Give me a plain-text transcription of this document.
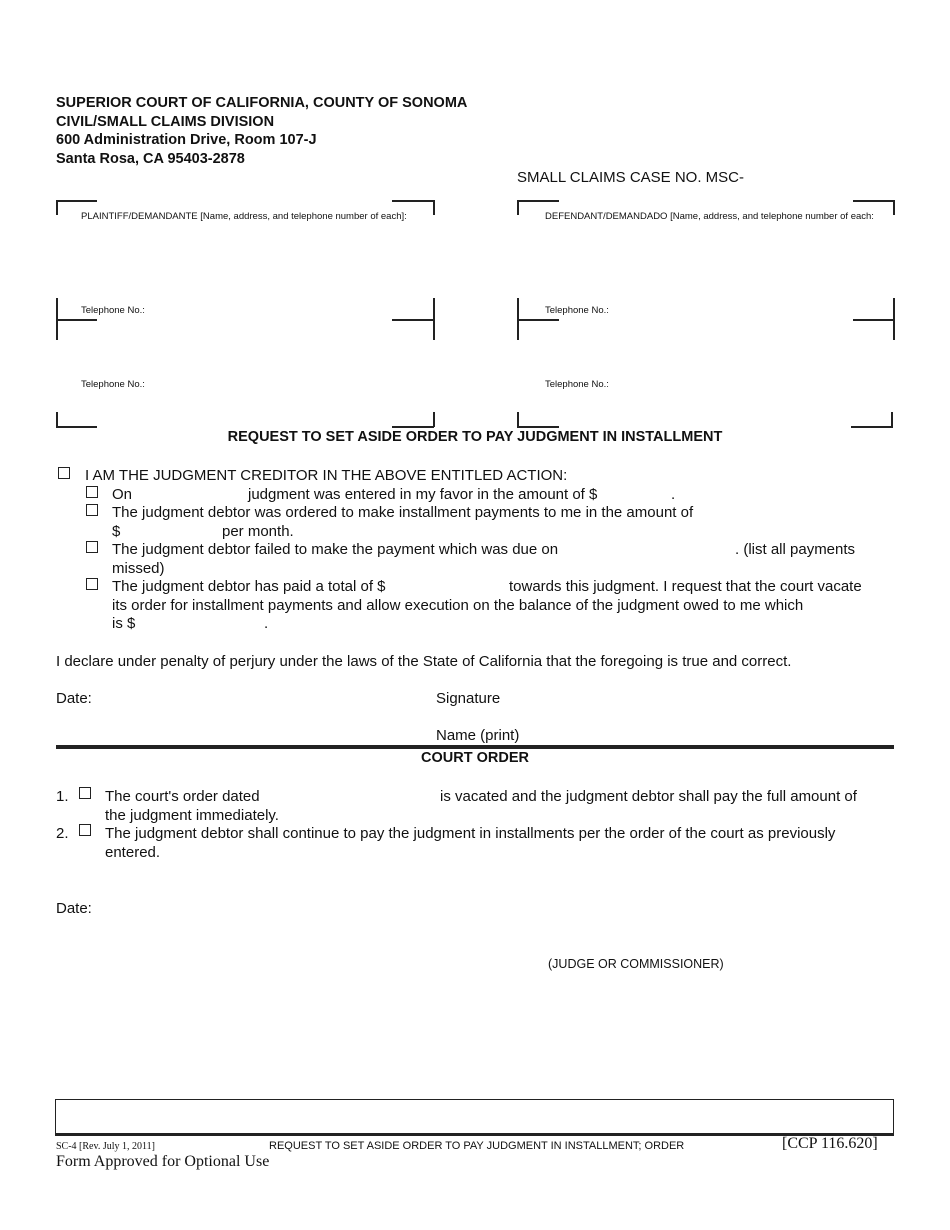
SUPERIOR COURT OF CALIFORNIA, COUNTY OF SONOMA
CIVIL/SMALL CLAIMS DIVISION
600 Administration Drive, Room 107-J
Santa Rosa, CA 95403-2878
SMALL CLAIMS CASE NO. MSC-
PLAINTIFF/DEMANDANTE [Name, address, and telephone number of each]:	DEFENDANT/DEMANDADO [Name, address, and telephone number of each:
Telephone No.:	Telephone No.:
Telephone No.:	Telephone No.:
REQUEST TO SET ASIDE ORDER TO PAY JUDGMENT IN INSTALLMENT
I AM THE JUDGMENT CREDITOR IN THE ABOVE ENTITLED ACTION:
On	judgment was entered in my favor in the amount of $	.
The judgment debtor was ordered to make installment payments to me in the amount of
$	per month.
The judgment debtor failed to make the payment which was due on	. (list all payments
missed)
The judgment debtor has paid a total of $	towards this judgment. I request that the court vacate
its order for installment payments and allow execution on the balance of the judgment owed to me which
is $	.
I declare under penalty of perjury under the laws of the State of California that the foregoing is true and correct.
Date:	Signature
Name (print)
COURT ORDER
1. The court's order dated	is vacated and the judgment debtor shall pay the full amount of
the judgment immediately.
2. The judgment debtor shall continue to pay the judgment in installments per the order of the court as previously
entered.
Date:
(JUDGE OR COMMISSIONER)
SC-4 [Rev. July 1, 2011]	REQUEST TO SET ASIDE ORDER TO PAY JUDGMENT IN INSTALLMENT; ORDER	[CCP 116.620]
Form Approved for Optional Use
